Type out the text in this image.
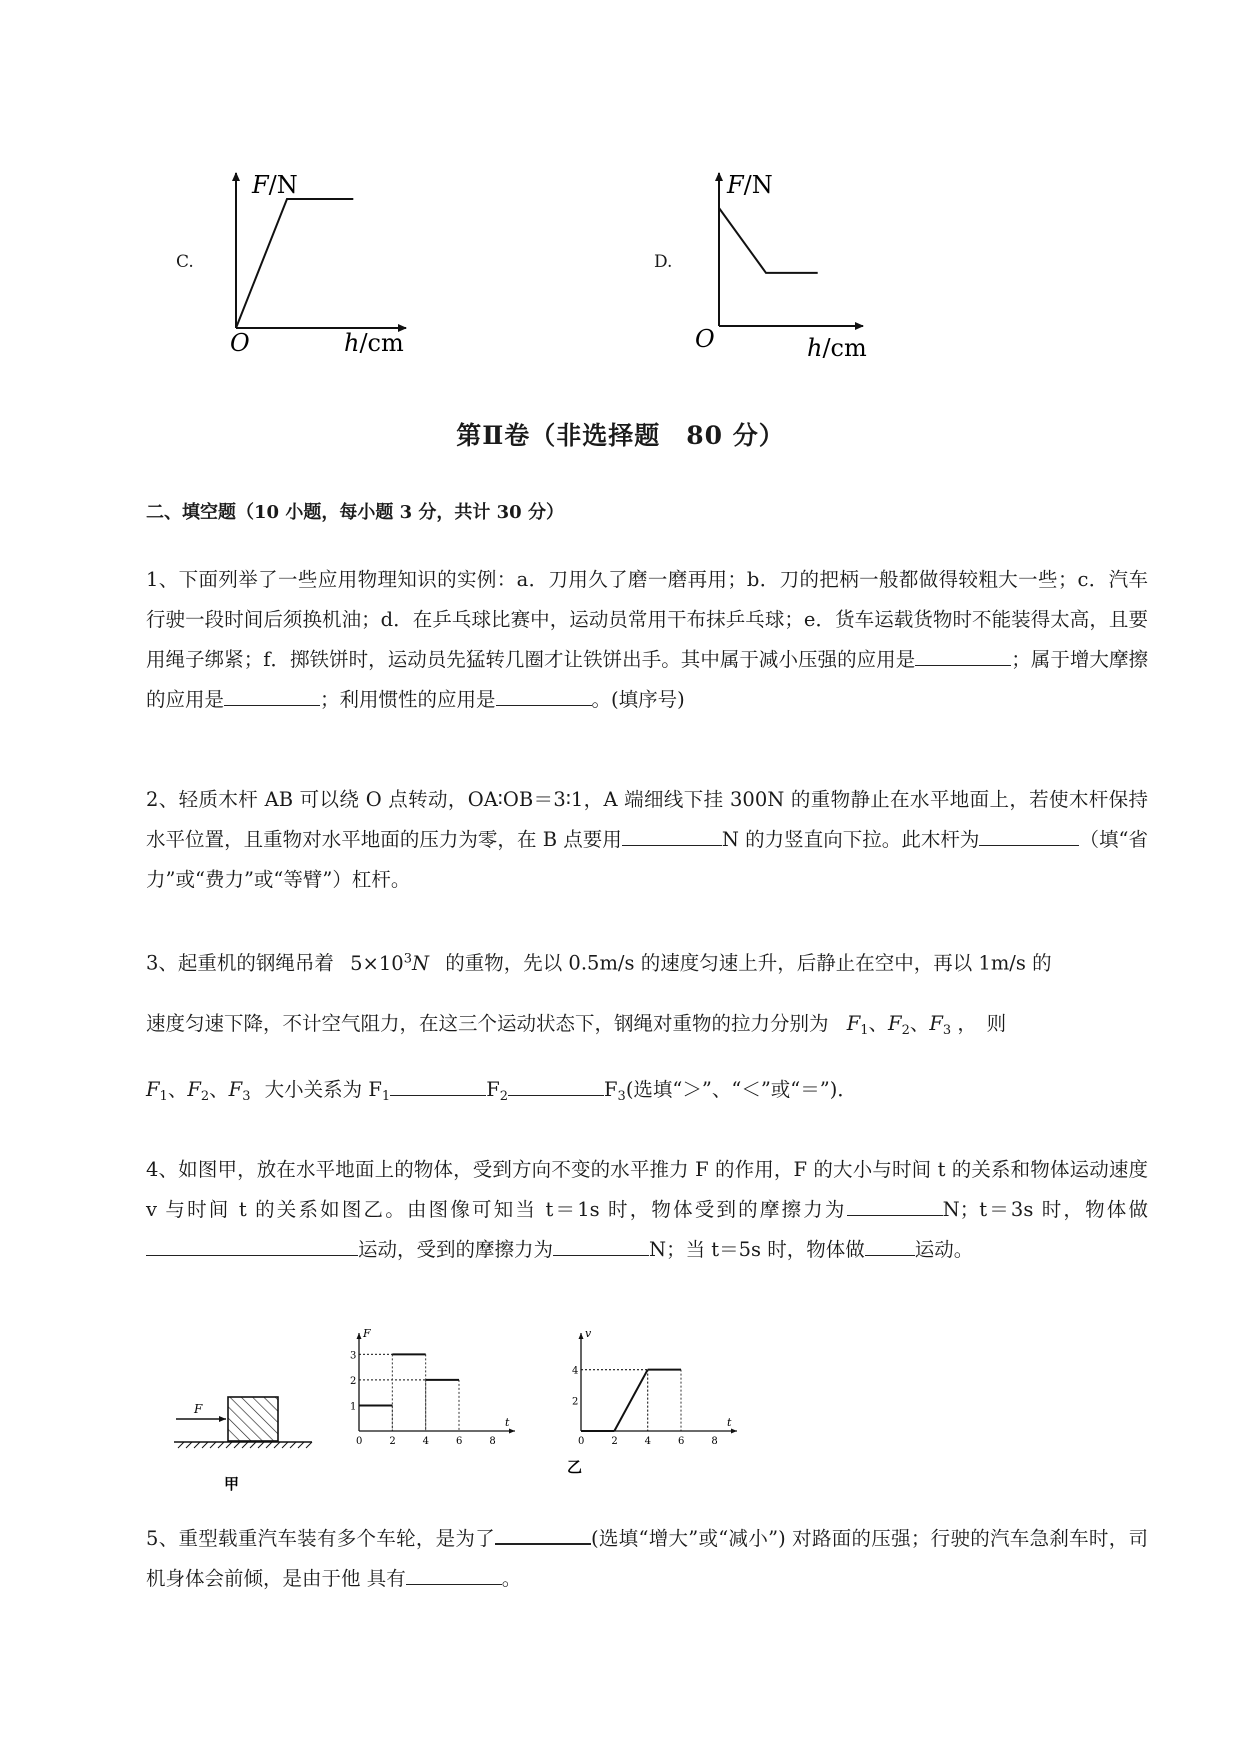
C.
F/N
O	h/cm
D.
F/N
O	h/cm
第Ⅱ卷（非选择题　80 分）
二、填空题（10 小题，每小题 3 分，共计 30 分）
1、下面列举了一些应用物理知识的实例：a．刀用久了磨一磨再用；b．刀的把柄一般都做得较粗大一些；c．汽车行驶一段时间后须换机油；d．在乒乓球比赛中，运动员常用干布抹乒乓球；e．货车运载货物时不能装得太高，且要用绳子绑紧；f．掷铁饼时，运动员先猛转几圈才让铁饼出手。其中属于减小压强的应用是	；属于增大摩擦的应用是	；利用惯性的应用是	。(填序号)
2、轻质木杆 AB 可以绕 O 点转动，OA∶OB＝3∶1，A 端细线下挂 300N 的重物静止在水平地面上，若使木杆保持水平位置，且重物对水平地面的压力为零，在 B 点要用	N 的力竖直向下拉。此木杆为	（填“省力”或“费力”或“等臂”）杠杆。
3、起重机的钢绳吊着 $5\times 10^3N$ 的重物，先以 0.5m/s 的速度匀速上升，后静止在空中，再以 1m/s 的
速度匀速下降，不计空气阻力，在这三个运动状态下，钢绳对重物的拉力分别为 $F_1$、$F_2$、$F_3$ ，　则
$F_1$、$F_2$、$F_3$ 大小关系为 $F_1$	$F_2$	$F_3$(选填“＞”、“＜”或“＝”)．
4、如图甲，放在水平地面上的物体，受到方向不变的水平推力 F 的作用，F 的大小与时间 t 的关系和物体运动速度 v 与时间 t 的关系如图乙。由图像可知当 t＝1s 时，物体受到的摩擦力为	N；t＝3s 时，物体做运动，受到的摩擦力为	N；当 t＝5s 时，物体做	运动。
F
甲
0	2	4	6	8
1
2
3
F
t
0	2	4	6	8
2
4
v
t
乙
5、重型载重汽车装有多个车轮，是为了	(选填“增大”或“减小”) 对路面的压强；行驶的汽车急刹车时，司机身体会前倾，是由于他 具有	。
